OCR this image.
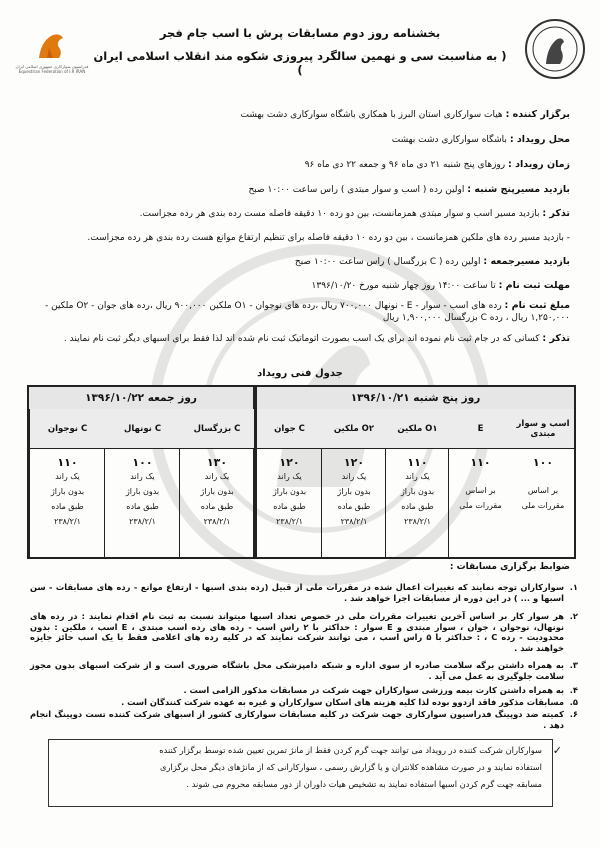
فدراسیون سوارکاری جمهوری اسلامی ایران
Equestrian Federation of I.R IRAN
بخشنامه روز دوم مسابقات پرش با اسب جام فجر
( به مناسبت سی و نهمین سالگرد پیروزی شکوه مند انقلاب اسلامی ایران )
برگزار کننده : هیات سوارکاری استان البرز با همکاری باشگاه سوارکاری دشت بهشت
محل رویداد : باشگاه سوارکاری دشت بهشت
زمان رویداد : روزهای پنج شنبه ۲۱ دی ماه ۹۶ و جمعه ۲۲ دی ماه ۹۶
بازدید مسیرپنج شنبه : اولین رده ( اسب و سوار مبتدی ) راس ساعت ۱۰:۰۰ صبح
تذکر : بازدید مسیر اسب و سوار مبتدی همزمانست، بین دو رده ۱۰ دقیقه فاصله مست رده بندی هر رده مجزاست.
- بازدید مسیر رده های ملکین همزمانست ، بین دو رده ۱۰ دقیقه فاصله برای تنظیم ارتفاع موانع هست رده بندی هر رده مجزاست.
بازدید مسیرجمعه : اولین رده ( C بزرگسال ) راس ساعت ۱۰:۰۰ صبح
مهلت ثبت نام : تا ساعت ۱۴:۰۰ روز چهار شنبه مورخ ۱۳۹۶/۱۰/۲۰
مبلغ ثبت نام : رده های اسب - سوار - E - نونهال ۷۰۰,۰۰۰ ریال ،رده های نوجوان - O۱ ملکین ۹۰۰,۰۰۰ ریال ،رده های جوان - O۲ ملکین - ۱,۲۵۰,۰۰۰ ریال ، رده C بزرگسال ۱,۹۰۰,۰۰۰ ریال
تذکر : کسانی که در جام ثبت نام نموده اند برای یک اسب بصورت اتوماتیک ثبت نام شده اند لذا فقط برای اسبهای دیگر ثبت نام نمایند .
جدول فنی رویداد
روز پنج شنبه ۱۳۹۶/۱۰/۲۱
روز جمعه ۱۳۹۶/۱۰/۲۲
اسب و سوار مبتدی
۱۰۰
بر اساس
مقررات ملی
E
۱۱۰
بر اساس
مقررات ملی
O۱ ملکین
۱۱۰
یک راند
بدون باراژ
طبق ماده
۲۳۸/۲/۱
O۲ ملکین
۱۲۰
یک راند
بدون باراژ
طبق ماده
۲۳۸/۲/۱
C جوان
۱۲۰
یک راند
بدون باراژ
طبق ماده
۲۳۸/۲/۱
C بزرگسال
۱۳۰
یک راند
بدون باراژ
طبق ماده
۲۳۸/۲/۱
C نونهال
۱۰۰
یک راند
بدون باراژ
طبق ماده
۲۳۸/۲/۱
C نوجوان
۱۱۰
یک راند
بدون باراژ
طبق ماده
۲۳۸/۲/۱
ضوابط برگزاری مسابقات :
۱.
سوارکاران توجه نمایند که تغییرات اعمال شده در مقررات ملی از قبیل (رده بندی اسبها - ارتفاع موانع - رده های مسابقات - سن اسبها و ... ) در این دوره از مسابقات اجرا خواهد شد .
۲.
هر سوار کار بر اساس آخرین تغییرات مقررات ملی در خصوص تعداد اسبها میتواند نسبت به ثبت نام اقدام نمایند : در رده های نونهال، نوجوان ، جوان ، سوار مبتدی و E سوار : حداکثر با ۲ راس اسب - رده های رده اسب مبتدی ، E اسب ، ملکین : بدون محدودیت - رده C ، : حداکثر با ۵ راس اسب ، می توانند شرکت نمایند که در کلیه رده های اعلامی فقط با یک اسب حائز جایزه خواهند شد .
۳.
به همراه داشتن برگه سلامت صادره از سوی اداره و شبکه دامپزشکی محل باشگاه ضروری است و از شرکت اسبهای بدون مجوز سلامت جلوگیری به عمل می آید .
۴.
به همراه داشتن کارت بیمه ورزشی سوارکاران جهت شرکت در مسابقات مذکور الزامی است .
۵.
مسابقات مذکور فاقد ازدوو بوده لذا کلیه هزینه های اسکان سوارکاران و غیره به عهده شرکت کنندگان است .
۶.
کمیته ضد دوپینگ فدراسیون سوارکاری جهت شرکت در کلیه مسابقات سوارکاری کشور از اسبهای شرکت کننده تست دوپینگ انجام دهد .
✓
سوارکاران شرکت کننده در رویداد می توانند جهت گرم کردن فقط از مانژ تمرین تعیین شده توسط برگزار کننده
استفاده نمایند و در صورت مشاهده کلانتران و یا گزارش رسمی ، سوارکارانی که از مانژهای دیگر محل برگزاری
مسابقه جهت گرم کردن اسبها استفاده نمایند به تشخیص هیات داوران از دور مسابقه محروم می شوند .
